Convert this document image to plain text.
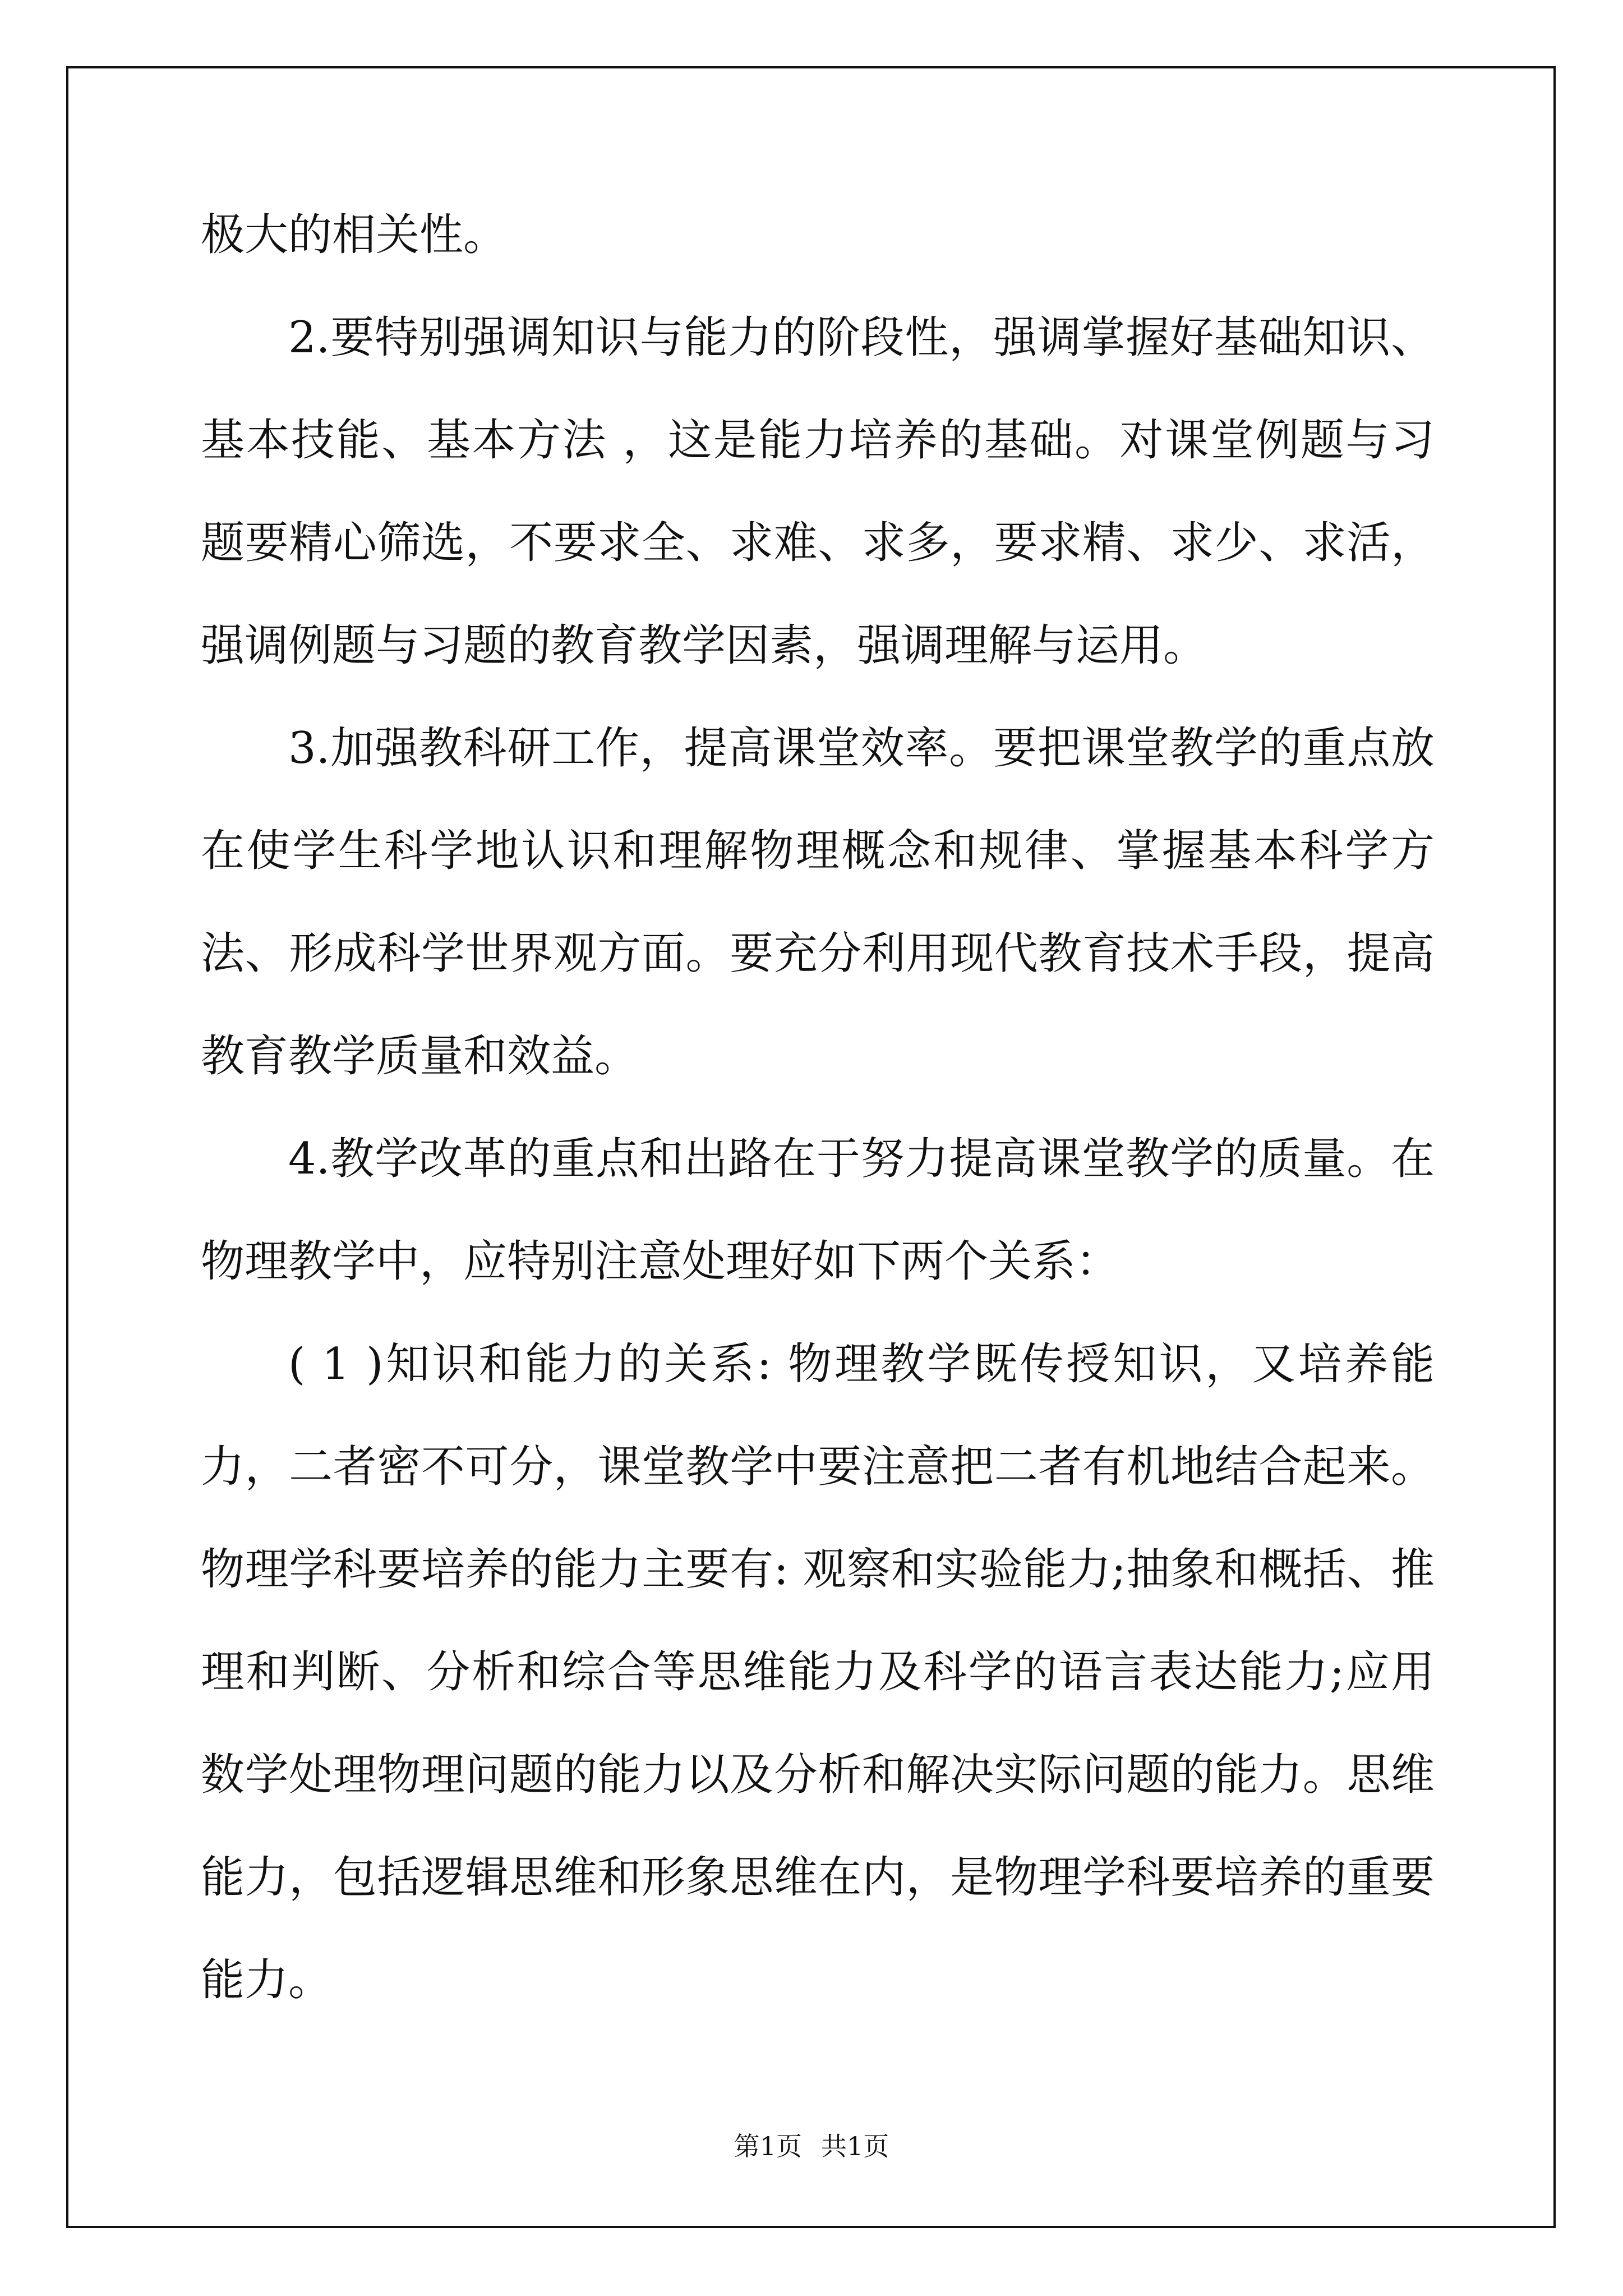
极大的相关性。

2.要特别强调知识与能力的阶段性，强调掌握好基础知识、基本技能、基本方法 ，这是能力培养的基础。对课堂例题与习题要精心筛选，不要求全、求难、求多，要求精、求少、求活，强调例题与习题的教育教学因素，强调理解与运用。

3.加强教科研工作，提高课堂效率。要把课堂教学的重点放在使学生科学地认识和理解物理概念和规律、掌握基本科学方法、形成科学世界观方面。要充分利用现代教育技术手段，提高教育教学质量和效益。

4.教学改革的重点和出路在于努力提高课堂教学的质量。在物理教学中，应特别注意处理好如下两个关系：

( 1 )知识和能力的关系: 物理教学既传授知识，又培养能力，二者密不可分，课堂教学中要注意把二者有机地结合起来。物理学科要培养的能力主要有: 观察和实验能力;抽象和概括、推理和判断、分析和综合等思维能力及科学的语言表达能力;应用数学处理物理问题的能力以及分析和解决实际问题的能力。思维能力，包括逻辑思维和形象思维在内，是物理学科要培养的重要能力。

第1页 共1页
